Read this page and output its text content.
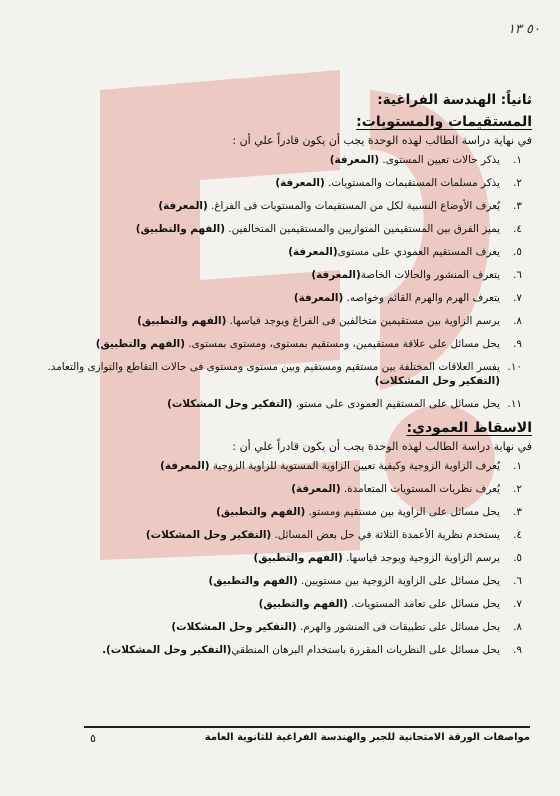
٥٠ ١٣
ثانياً: الهندسة الفراغية:
المستقيمات والمستويات:
في نهاية دراسة الطالب لهذه الوحدة يجب أن يكون قادراً علي أن :
١.
يذكر حالات تعيين المستوى. (المعرفة)
٢.
يذكر مسلمات المستقيمات والمستويات. (المعرفة)
٣.
يُعرف الأوضاع النسبية لكل من المستقيمات والمستويات فى الفراغ. (المعرفة)
٤.
يميز الفرق بين المستقيمين المتوازيين والمستقيمين المتخالفين. (الفهم والتطبيق)
٥.
يعرف المستقيم العمودي على مستوى(المعرفة)
٦.
يتعرف المنشور والحالات الخاصة(المعرفة)
٧.
يتعرف الهرم والهرم القائم وخواصه. (المعرفة)
٨.
يرسم الزاوية بين مستقيمين متخالفين فى الفراغ ويوجد قياسها. (الفهم والتطبيق)
٩.
يحل مسائل على علاقة مستقيمين، ومستقيم بمستوى، ومستوى بمستوى. (الفهم والتطبيق)
١٠.
يفسر العلاقات المختلفة بين مستقيم ومستقيم وبين مستوى ومستوى فى حالات التقاطع والتوازى والتعامد. (التفكير وحل المشكلات)
١١.
يحل مسائل على المستقيم العمودى على مستو. (التفكير وحل المشكلات)
الاسقاط العمودي:
في نهاية دراسة الطالب لهذه الوحدة يجب أن يكون قادراً علي أن :
١.
يُعرف الزاوية الزوجية وكيفية تعيين الزاوية المستوية للزاوية الزوجية (المعرفة)
٢.
يُعرف نظريات المستويات المتعامدة. (المعرفة)
٣.
يحل مسائل على الزاوية بين مستقيم ومستو. (الفهم والتطبيق)
٤.
يستخدم نظرية الأعمدة الثلاثة في حل بعض المسائل. (التفكير وحل المشكلات)
٥.
يرسم الزاوية الزوجية ويوجد قياسها. (الفهم والتطبيق)
٦.
يحل مسائل على الزاوية الزوجية بين مستويين. (الفهم والتطبيق)
٧.
يحل مسائل على تعامد المستويات. (الفهم والتطبيق)
٨.
يحل مسائل على تطبيقات فى المنشور والهرم. (التفكير وحل المشكلات)
٩.
يحل مسائل على النظريات المقررة باستخدام البرهان المنطقي(التفكير وحل المشكلات).
مواصفات الورقة الامتحانية للجبر والهندسة الفراغية للثانوية العامة
٥
